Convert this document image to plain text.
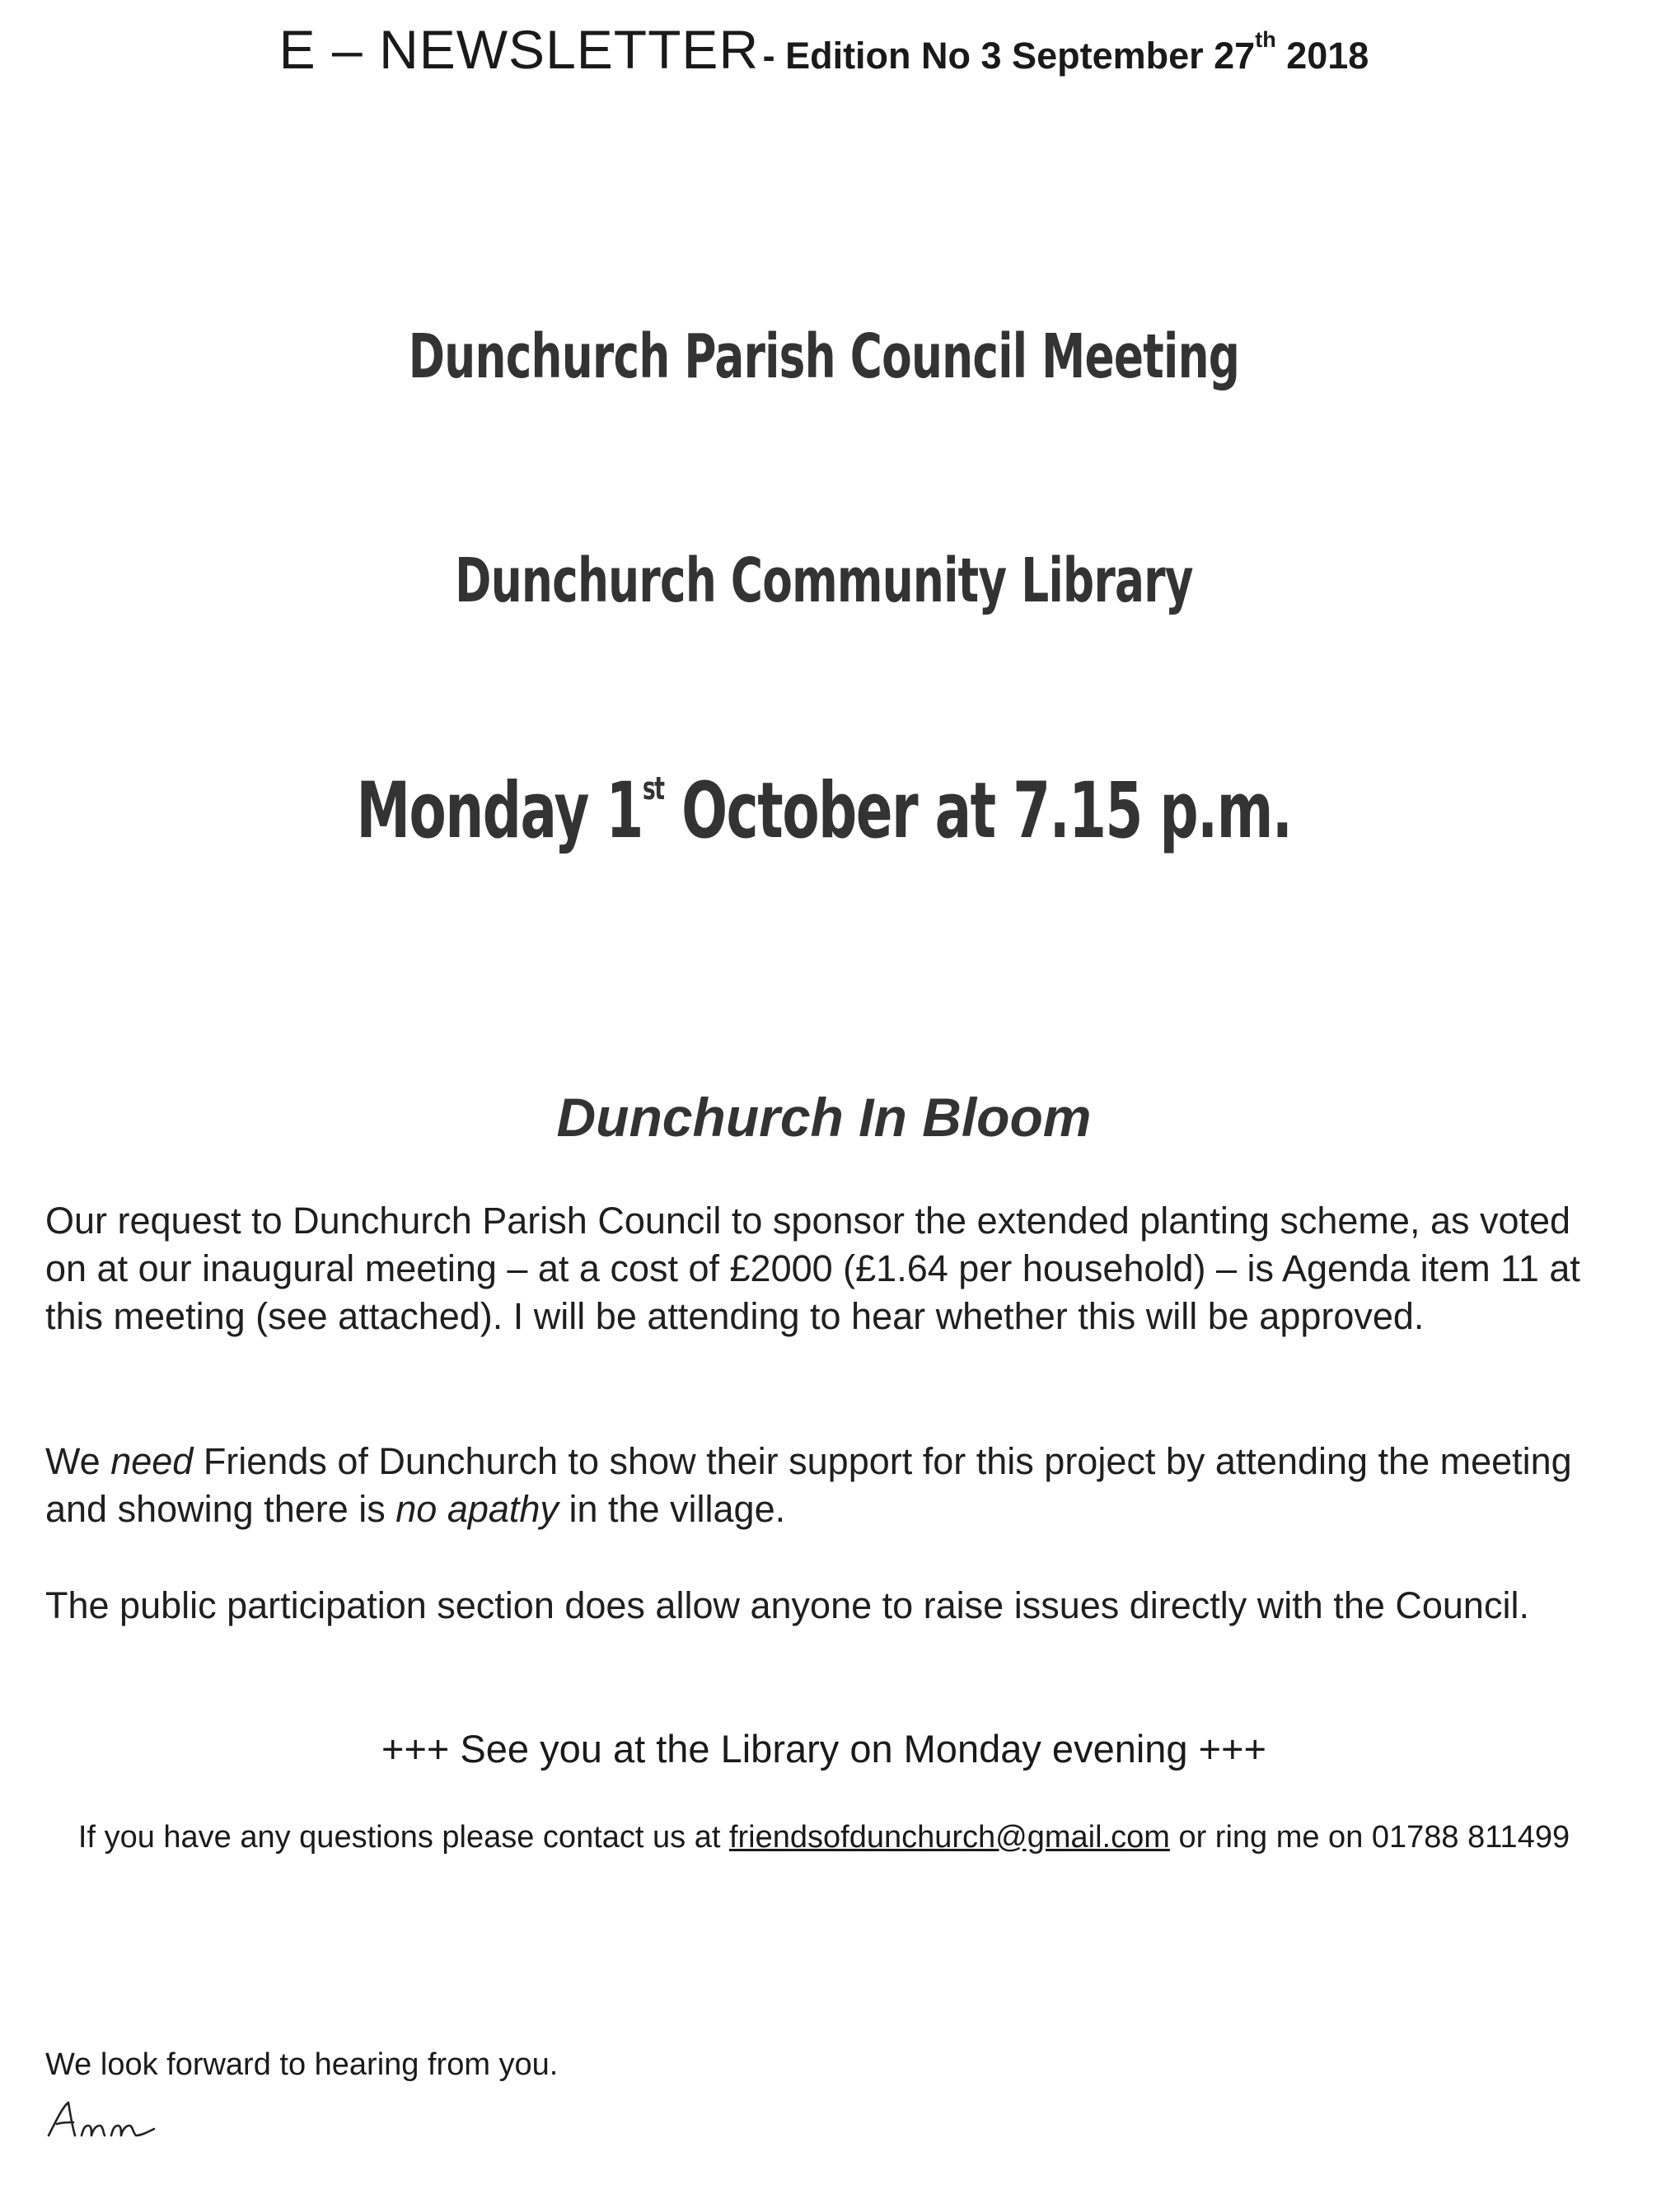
E – NEWSLETTER - Edition No 3 September 27th 2018
Dunchurch Parish Council Meeting
Dunchurch Community Library
Monday 1st October at 7.15 p.m.
Dunchurch In Bloom
Our request to Dunchurch Parish Council to sponsor the extended planting scheme, as voted on at our inaugural meeting – at a cost of £2000 (£1.64 per household) – is Agenda item 11 at this meeting (see attached). I will be attending to hear whether this will be approved.
We need Friends of Dunchurch to show their support for this project by attending the meeting and showing there is no apathy in the village.
The public participation section does allow anyone to raise issues directly with the Council.
+++ See you at the Library on Monday evening +++
If you have any questions please contact us at friendsofdunchurch@gmail.com or ring me on 01788 811499
We look forward to hearing from you.
